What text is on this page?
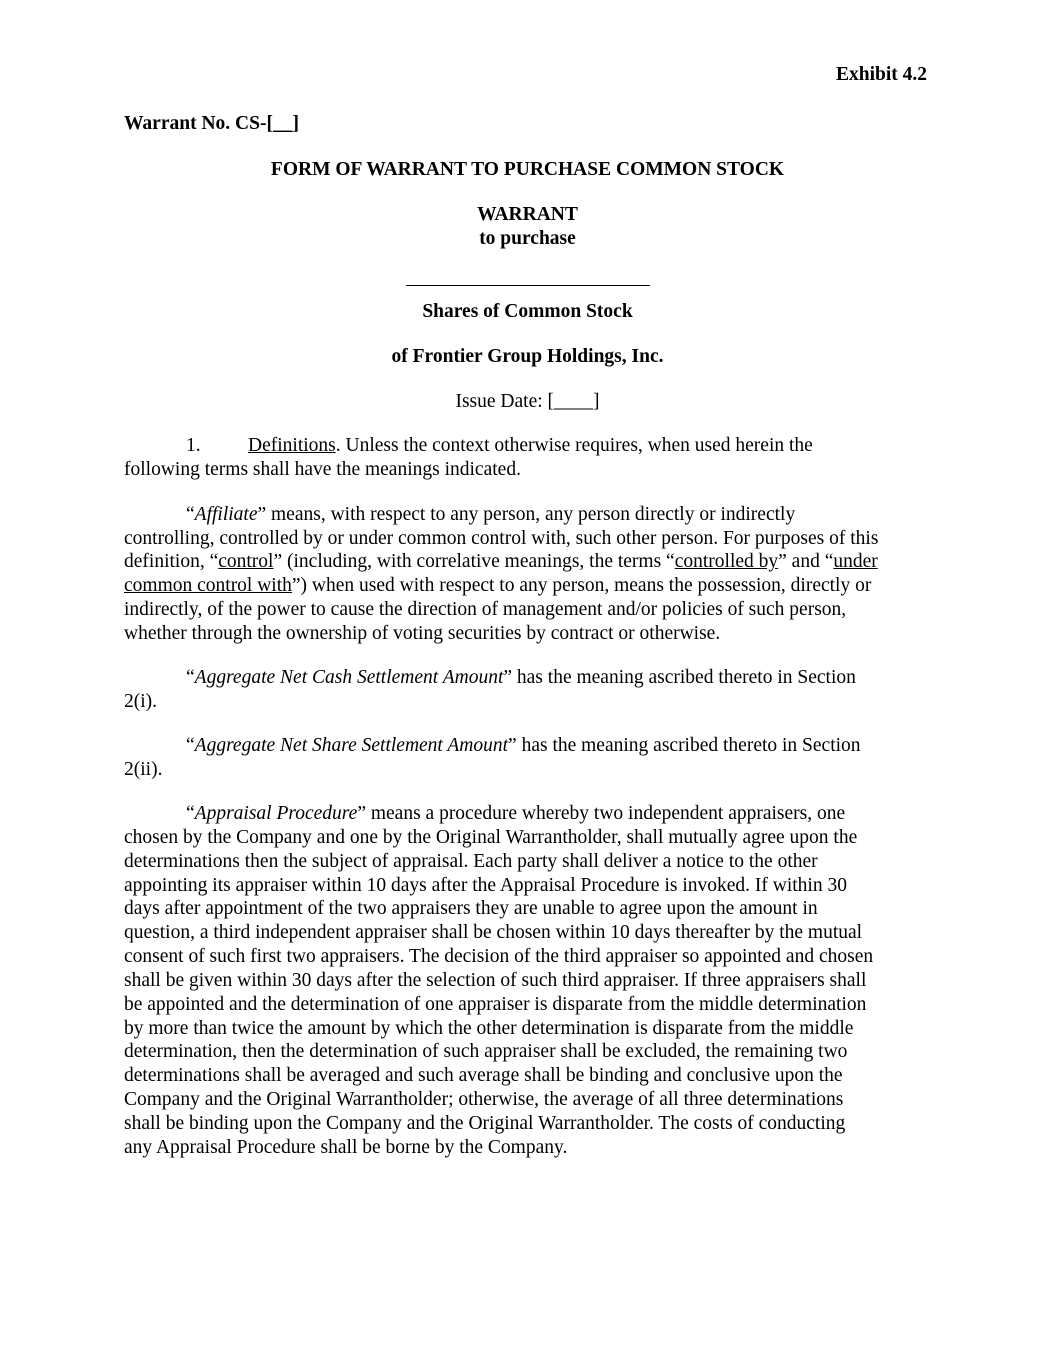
Exhibit 4.2
Warrant No. CS-[__]
FORM OF WARRANT TO PURCHASE COMMON STOCK
WARRANT
to purchase
Shares of Common Stock
of Frontier Group Holdings, Inc.
Issue Date: [____]
1. Definitions. Unless the context otherwise requires, when used herein the
following terms shall have the meanings indicated.
“Affiliate” means, with respect to any person, any person directly or indirectly
controlling, controlled by or under common control with, such other person. For purposes of this
definition, “control” (including, with correlative meanings, the terms “controlled by” and “under
common control with”) when used with respect to any person, means the possession, directly or
indirectly, of the power to cause the direction of management and/or policies of such person,
whether through the ownership of voting securities by contract or otherwise.
“Aggregate Net Cash Settlement Amount” has the meaning ascribed thereto in Section
2(i).
“Aggregate Net Share Settlement Amount” has the meaning ascribed thereto in Section
2(ii).
“Appraisal Procedure” means a procedure whereby two independent appraisers, one
chosen by the Company and one by the Original Warrantholder, shall mutually agree upon the
determinations then the subject of appraisal. Each party shall deliver a notice to the other
appointing its appraiser within 10 days after the Appraisal Procedure is invoked. If within 30
days after appointment of the two appraisers they are unable to agree upon the amount in
question, a third independent appraiser shall be chosen within 10 days thereafter by the mutual
consent of such first two appraisers. The decision of the third appraiser so appointed and chosen
shall be given within 30 days after the selection of such third appraiser. If three appraisers shall
be appointed and the determination of one appraiser is disparate from the middle determination
by more than twice the amount by which the other determination is disparate from the middle
determination, then the determination of such appraiser shall be excluded, the remaining two
determinations shall be averaged and such average shall be binding and conclusive upon the
Company and the Original Warrantholder; otherwise, the average of all three determinations
shall be binding upon the Company and the Original Warrantholder. The costs of conducting
any Appraisal Procedure shall be borne by the Company.
